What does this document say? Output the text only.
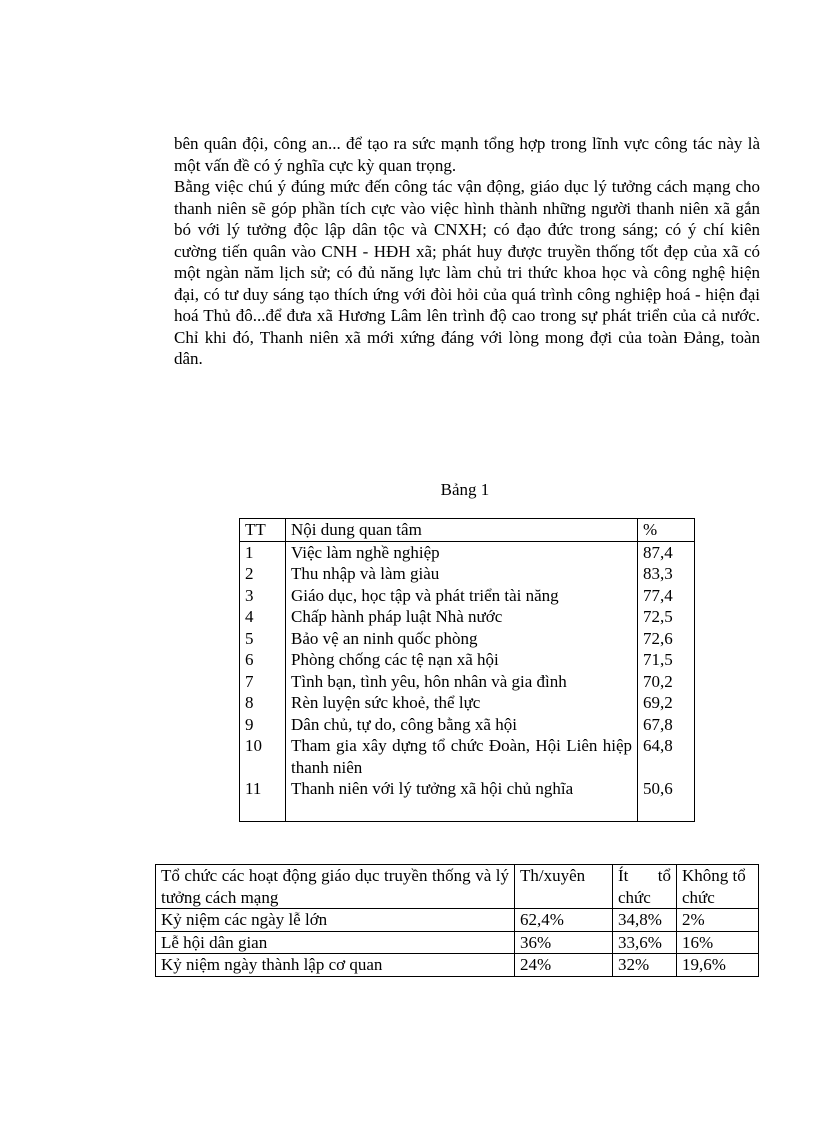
bên quân đội, công an... để tạo ra sức mạnh tổng hợp trong lĩnh vực công tác này là một vấn đề có ý nghĩa cực kỳ quan trọng.

Bằng việc chú ý đúng mức đến công tác vận động, giáo dục lý tưởng cách mạng cho thanh niên sẽ góp phần tích cực vào việc hình thành những người thanh niên xã gắn bó với lý tưởng độc lập dân tộc và CNXH; có đạo đức trong sáng; có ý chí kiên cường tiến quân vào CNH - HĐH xã; phát huy được truyền thống tốt đẹp của xã có một ngàn năm lịch sử; có đủ năng lực làm chủ tri thức khoa học và công nghệ hiện đại, có tư duy sáng tạo thích ứng với đòi hỏi của quá trình công nghiệp hoá - hiện đại hoá Thủ đô...để đưa xã Hương Lâm lên trình độ cao trong sự phát triển của cả nước. Chỉ khi đó, Thanh niên xã mới xứng đáng với lòng mong đợi của toàn Đảng, toàn dân.

Bảng 1
TT	Nội dung quan tâm	%
1	Việc làm nghề nghiệp	87,4
2	Thu nhập và làm giàu	83,3
3	Giáo dục, học tập và phát triển tài năng	77,4
4	Chấp hành pháp luật Nhà nước	72,5
5	Bảo vệ an ninh quốc phòng	72,6
6	Phòng chống các tệ nạn xã hội	71,5
7	Tình bạn, tình yêu, hôn nhân và gia đình	70,2
8	Rèn luyện sức khoẻ, thể lực	69,2
9	Dân chủ, tự do, công bằng xã hội	67,8
10	Tham gia xây dựng tổ chức Đoàn, Hội Liên hiệp thanh niên	64,8
11	Thanh niên với lý tưởng xã hội chủ nghĩa	50,6
Tổ chức các hoạt động giáo dục truyền thống và lý tưởng cách mạng	Th/xuyên	Ít tổ chức	Không tổ chức
Kỷ niệm các ngày lễ lớn	62,4%	34,8%	2%
Lễ hội dân gian	36%	33,6%	16%
Kỷ niệm ngày thành lập cơ quan	24%	32%	19,6%
